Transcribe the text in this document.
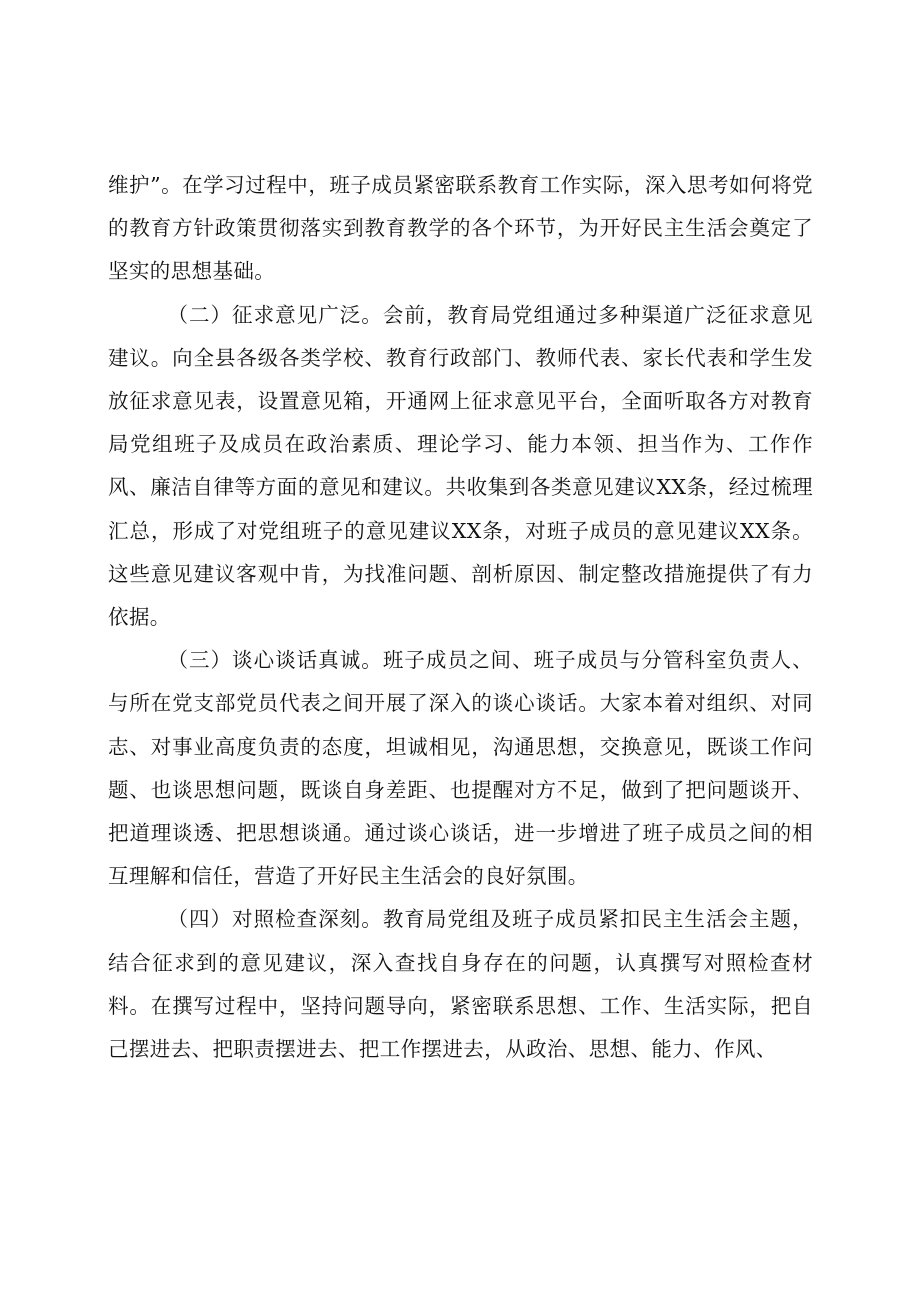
维护”。在学习过程中，班子成员紧密联系教育工作实际，深入思考如何将党的教育方针政策贯彻落实到教育教学的各个环节，为开好民主生活会奠定了坚实的思想基础。

（二）征求意见广泛。会前，教育局党组通过多种渠道广泛征求意见建议。向全县各级各类学校、教育行政部门、教师代表、家长代表和学生发放征求意见表，设置意见箱，开通网上征求意见平台，全面听取各方对教育局党组班子及成员在政治素质、理论学习、能力本领、担当作为、工作作风、廉洁自律等方面的意见和建议。共收集到各类意见建议XX条，经过梳理汇总，形成了对党组班子的意见建议XX条，对班子成员的意见建议XX条。这些意见建议客观中肯，为找准问题、剖析原因、制定整改措施提供了有力依据。

（三）谈心谈话真诚。班子成员之间、班子成员与分管科室负责人、与所在党支部党员代表之间开展了深入的谈心谈话。大家本着对组织、对同志、对事业高度负责的态度，坦诚相见，沟通思想，交换意见，既谈工作问题、也谈思想问题，既谈自身差距、也提醒对方不足，做到了把问题谈开、把道理谈透、把思想谈通。通过谈心谈话，进一步增进了班子成员之间的相互理解和信任，营造了开好民主生活会的良好氛围。

（四）对照检查深刻。教育局党组及班子成员紧扣民主生活会主题，结合征求到的意见建议，深入查找自身存在的问题，认真撰写对照检查材料。在撰写过程中，坚持问题导向，紧密联系思想、工作、生活实际，把自己摆进去、把职责摆进去、把工作摆进去，从政治、思想、能力、作风、
